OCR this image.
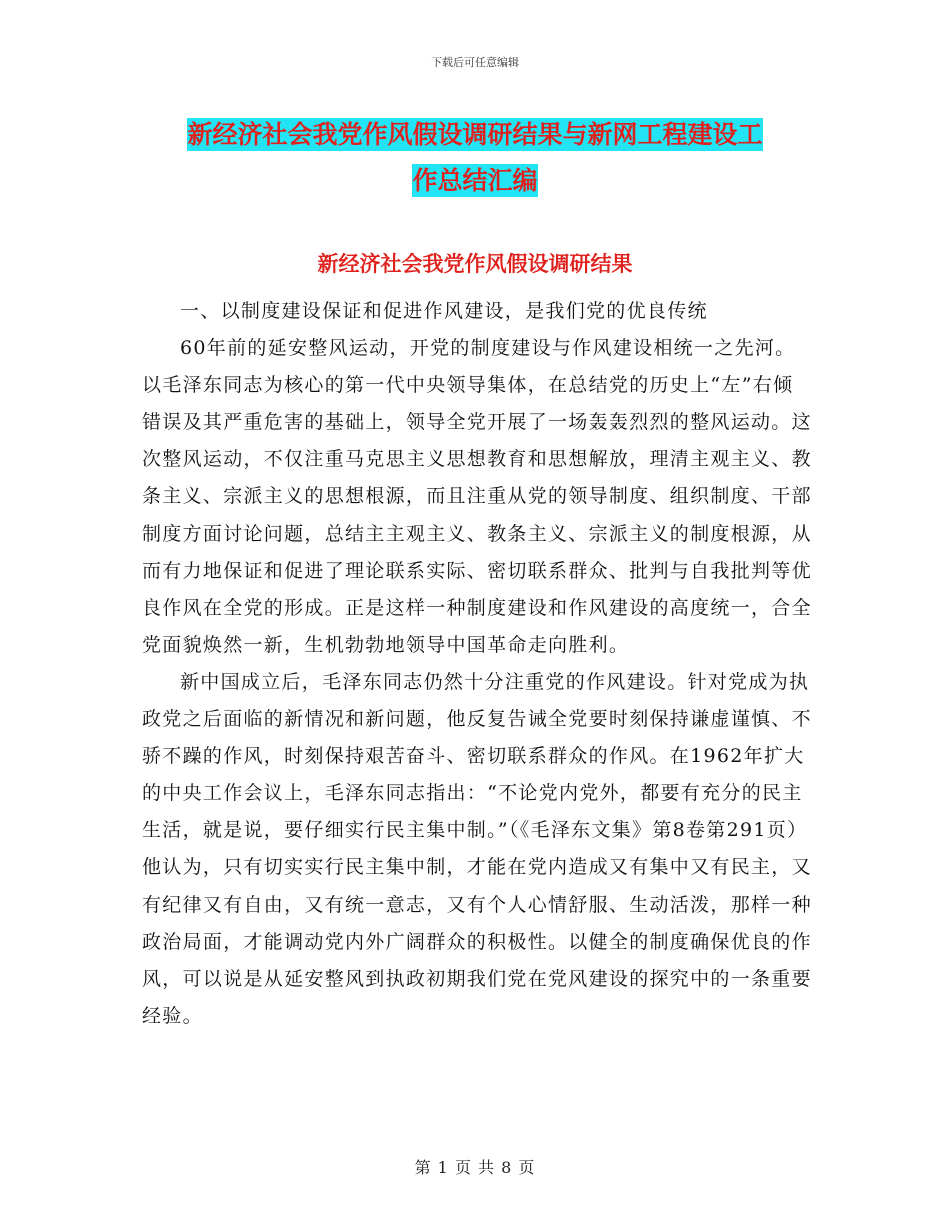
下载后可任意编辑
新经济社会我党作风假设调研结果与新网工程建设工
作总结汇编
新经济社会我党作风假设调研结果

一、以制度建设保证和促进作风建设，是我们党的优良传统

60年前的延安整风运动，开党的制度建设与作风建设相统一之先河。以毛泽东同志为核心的第一代中央领导集体，在总结党的历史上“左”右倾错误及其严重危害的基础上，领导全党开展了一场轰轰烈烈的整风运动。这次整风运动，不仅注重马克思主义思想教育和思想解放，理清主观主义、教条主义、宗派主义的思想根源，而且注重从党的领导制度、组织制度、干部制度方面讨论问题，总结主主观主义、教条主义、宗派主义的制度根源，从而有力地保证和促进了理论联系实际、密切联系群众、批判与自我批判等优良作风在全党的形成。正是这样一种制度建设和作风建设的高度统一，合全党面貌焕然一新，生机勃勃地领导中国革命走向胜利。

新中国成立后，毛泽东同志仍然十分注重党的作风建设。针对党成为执政党之后面临的新情况和新问题，他反复告诫全党要时刻保持谦虚谨慎、不骄不躁的作风，时刻保持艰苦奋斗、密切联系群众的作风。在1962年扩大的中央工作会议上，毛泽东同志指出：“不论党内党外，都要有充分的民主生活，就是说，要仔细实行民主集中制。”（《毛泽东文集》第8卷第291页）他认为，只有切实实行民主集中制，才能在党内造成又有集中又有民主，又有纪律又有自由，又有统一意志，又有个人心情舒服、生动活泼，那样一种政治局面，才能调动党内外广阔群众的积极性。以健全的制度确保优良的作风，可以说是从延安整风到执政初期我们党在党风建设的探究中的一条重要经验。

第 1 页 共 8 页
